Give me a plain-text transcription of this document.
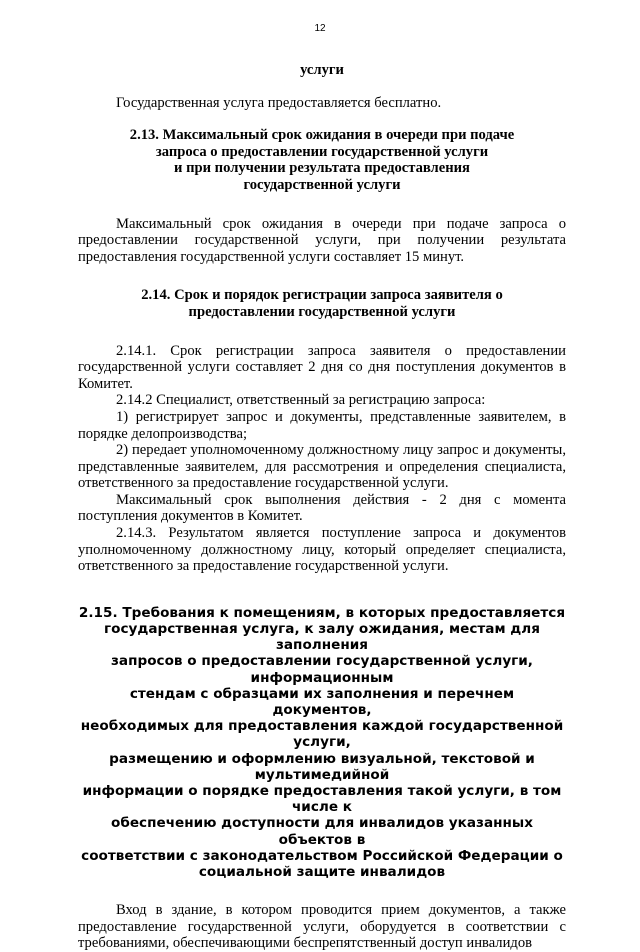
12

услуги

Государственная услуга предоставляется бесплатно.

2.13. Максимальный срок ожидания в очереди при подаче
запроса о предоставлении государственной услуги
и при получении результата предоставления
государственной услуги

Максимальный срок ожидания в очереди при подаче запроса о предоставлении государственной услуги, при получении результата предоставления государственной услуги составляет 15 минут.

2.14. Срок и порядок регистрации запроса заявителя о
предоставлении государственной услуги

2.14.1. Срок регистрации запроса заявителя о предоставлении государственной услуги составляет 2 дня со дня поступления документов в Комитет.

2.14.2 Специалист, ответственный за регистрацию запроса:

1) регистрирует запрос и документы, представленные заявителем, в порядке делопроизводства;

2) передает уполномоченному должностному лицу запрос и документы, представленные заявителем, для рассмотрения и определения специалиста, ответственного за предоставление государственной услуги.

Максимальный срок выполнения действия - 2 дня с момента поступления документов в Комитет.

2.14.3. Результатом является поступление запроса и документов уполномоченному должностному лицу, который определяет специалиста, ответственного за предоставление государственной услуги.

2.15. Требования к помещениям, в которых предоставляется
государственная услуга, к залу ожидания, местам для заполнения
запросов о предоставлении государственной услуги, информационным
стендам с образцами их заполнения и перечнем документов,
необходимых для предоставления каждой государственной услуги,
размещению и оформлению визуальной, текстовой и мультимедийной
информации о порядке предоставления такой услуги, в том числе к
обеспечению доступности для инвалидов указанных объектов в
соответствии с законодательством Российской Федерации о
социальной защите инвалидов

Вход в здание, в котором проводится прием документов, а также предоставление государственной услуги, оборудуется в соответствии с требованиями, обеспечивающими беспрепятственный доступ инвалидов
